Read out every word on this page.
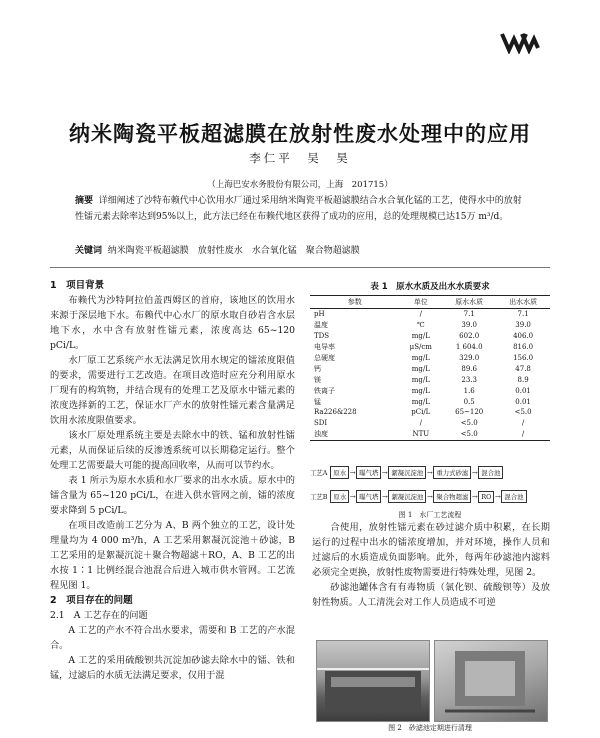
纳米陶瓷平板超滤膜在放射性废水处理中的应用
李仁平　吴　昊
（上海巴安水务股份有限公司，上海　201715）
摘要 详细阐述了沙特布赖代中心饮用水厂通过采用纳米陶瓷平板超滤膜结合水合氧化锰的工艺，使得水中的放射性镭元素去除率达到95%以上，此方法已经在布赖代地区获得了成功的应用，总的处理规模已达15万 m³/d。
关键词 纳米陶瓷平板超滤膜　放射性废水　水合氧化锰　聚合物超滤膜
1　项目背景

布赖代为沙特阿拉伯盖西姆区的首府，该地区的饮用水来源于深层地下水。布赖代中心水厂的原水取自砂岩含水层地下水，水中含有放射性镭元素，浓度高达 65~120 pCi/L。

水厂原工艺系统产水无法满足饮用水规定的镭浓度限值的要求，需要进行工艺改造。在项目改造时应充分利用原水厂现有的构筑物，并结合现有的处理工艺及原水中镭元素的浓度选择新的工艺，保证水厂产水的放射性镭元素含量满足饮用水浓度限值要求。

该水厂原处理系统主要是去除水中的铁、锰和放射性镭元素，从而保证后续的反渗透系统可以长期稳定运行。整个处理工艺需要最大可能的提高回收率，从而可以节约水。

表 1 所示为原水水质和水厂要求的出水水质。原水中的镭含量为 65~120 pCi/L，在进入供水管网之前，镭的浓度要求降到 5 pCi/L。

在项目改造前工艺分为 A、B 两个独立的工艺，设计处理量均为 4 000 m³/h，A 工艺采用絮凝沉淀池＋砂滤，B 工艺采用的是絮凝沉淀＋聚合物超滤＋RO，A、B 工艺的出水按 1∶1 比例经混合池混合后进入城市供水管网。工艺流程见图 1。

2　项目存在的问题
2.1　A 工艺存在的问题

A 工艺的产水不符合出水要求，需要和 B 工艺的产水混合。

A 工艺的采用硫酸钡共沉淀加砂滤去除水中的镭、铁和锰，过滤后的水质无法满足要求，仅用于混

表 1　原水水质及出水水质要求
参数	单位	原水水质	出水水质
pH	/	7.1	7.1
温度	℃	39.0	39.0
TDS	mg/L	602.0	406.0
电导率	μS/cm	1 604.0	816.0
总硬度	mg/L	329.0	156.0
钙	mg/L	89.6	47.8
镁	mg/L	23.3	8.9
铁离子	mg/L	1.6	0.01
锰	mg/L	0.5	0.01
Ra226&228	pCi/L	65~120	<5.0
SDI	/	<5.0	/
浊度	NTU	<5.0	/
工艺A 原水 → 曝气塔 → 絮凝沉淀池 → 重力式砂滤 → 混合池
工艺B 原水 → 曝气塔 → 絮凝沉淀池 → 聚合物超滤 → RO → 混合池
图 1　水厂工艺流程

合使用，放射性镭元素在砂过滤介质中积累，在长期运行的过程中出水的镭浓度增加，并对环境，操作人员和过滤后的水质造成负面影响。此外，每两年砂滤池内滤料必须完全更换，放射性废物需要进行特殊处理，见图 2。

砂滤池罐体含有有毒物质（氯化钡、硫酸钡等）及放射性物质。人工清洗会对工作人员造成不可逆

图 2　砂滤池定期进行清理
